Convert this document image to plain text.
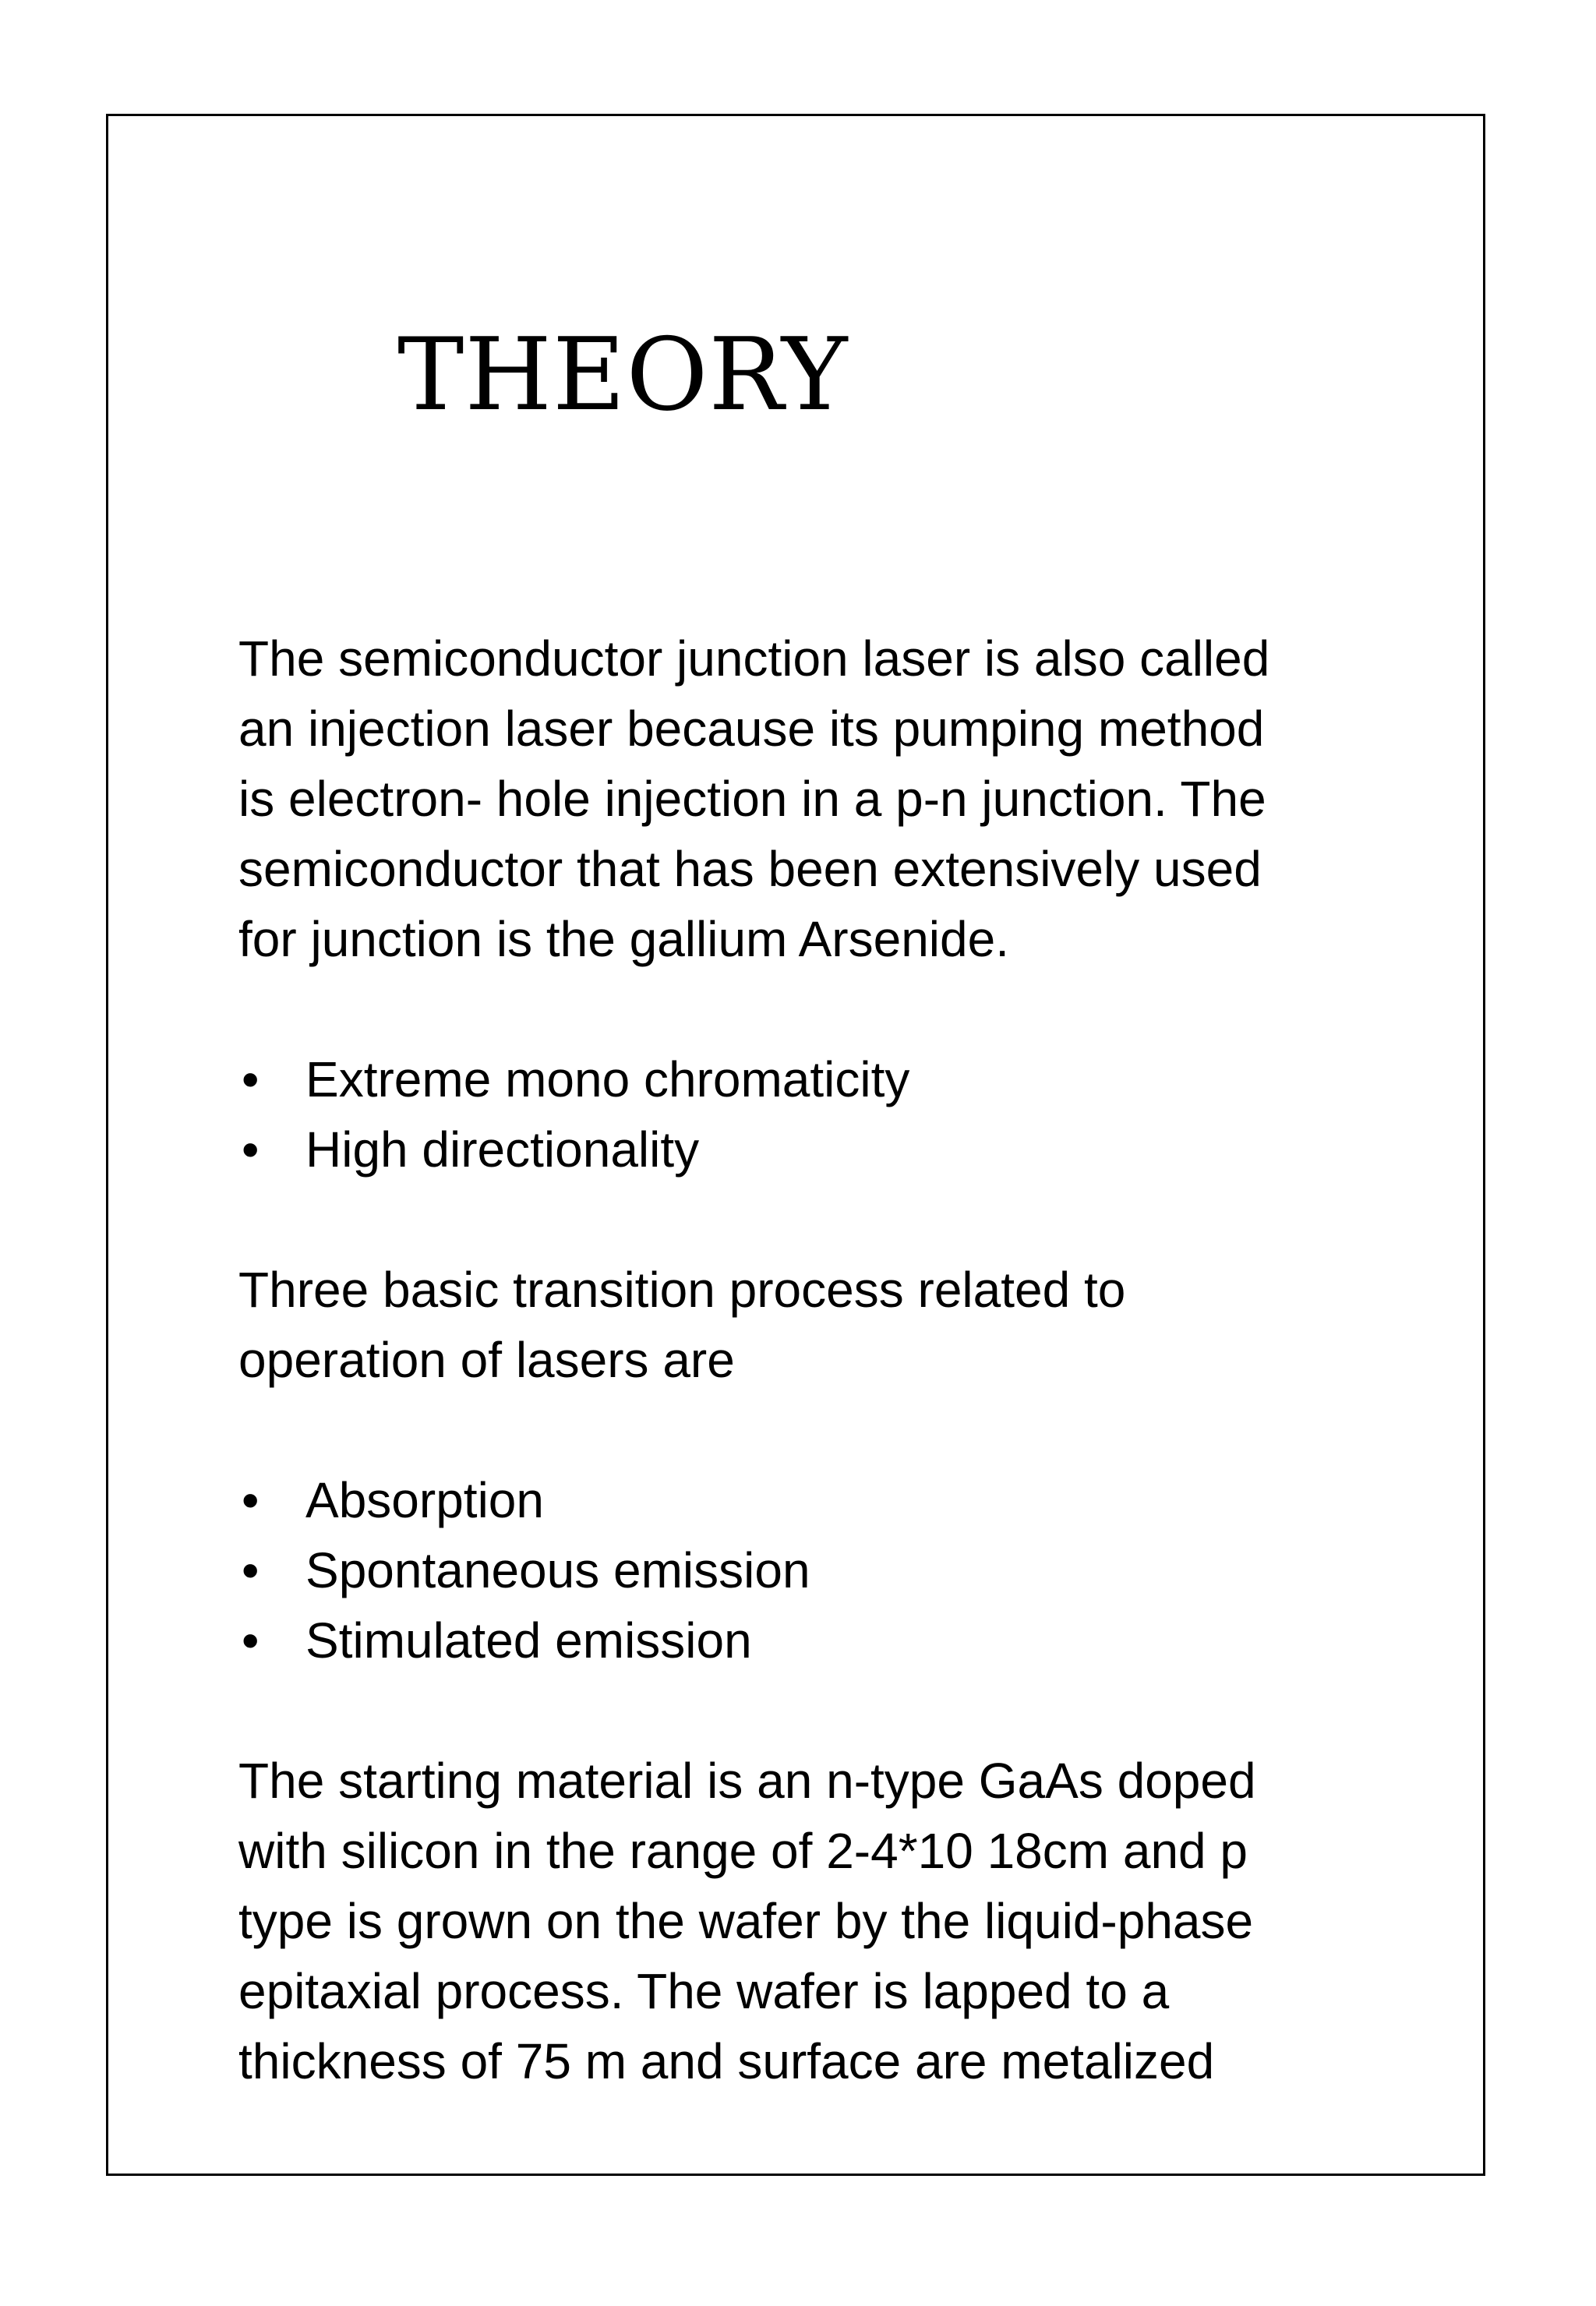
THEORY

The semiconductor junction laser is also called
an injection laser because its pumping method
is electron- hole injection in a p-n junction. The
semiconductor that has been extensively used
for junction is the gallium Arsenide.

• Extreme mono chromaticity
• High directionality

Three basic transition process related to
operation of lasers are

• Absorption
• Spontaneous emission
• Stimulated emission

The starting material is an n-type GaAs doped
with silicon in the range of 2-4*10 18cm and p
type is grown on the wafer by the liquid-phase
epitaxial process. The wafer is lapped to a
thickness of 75 m and surface are metalized
